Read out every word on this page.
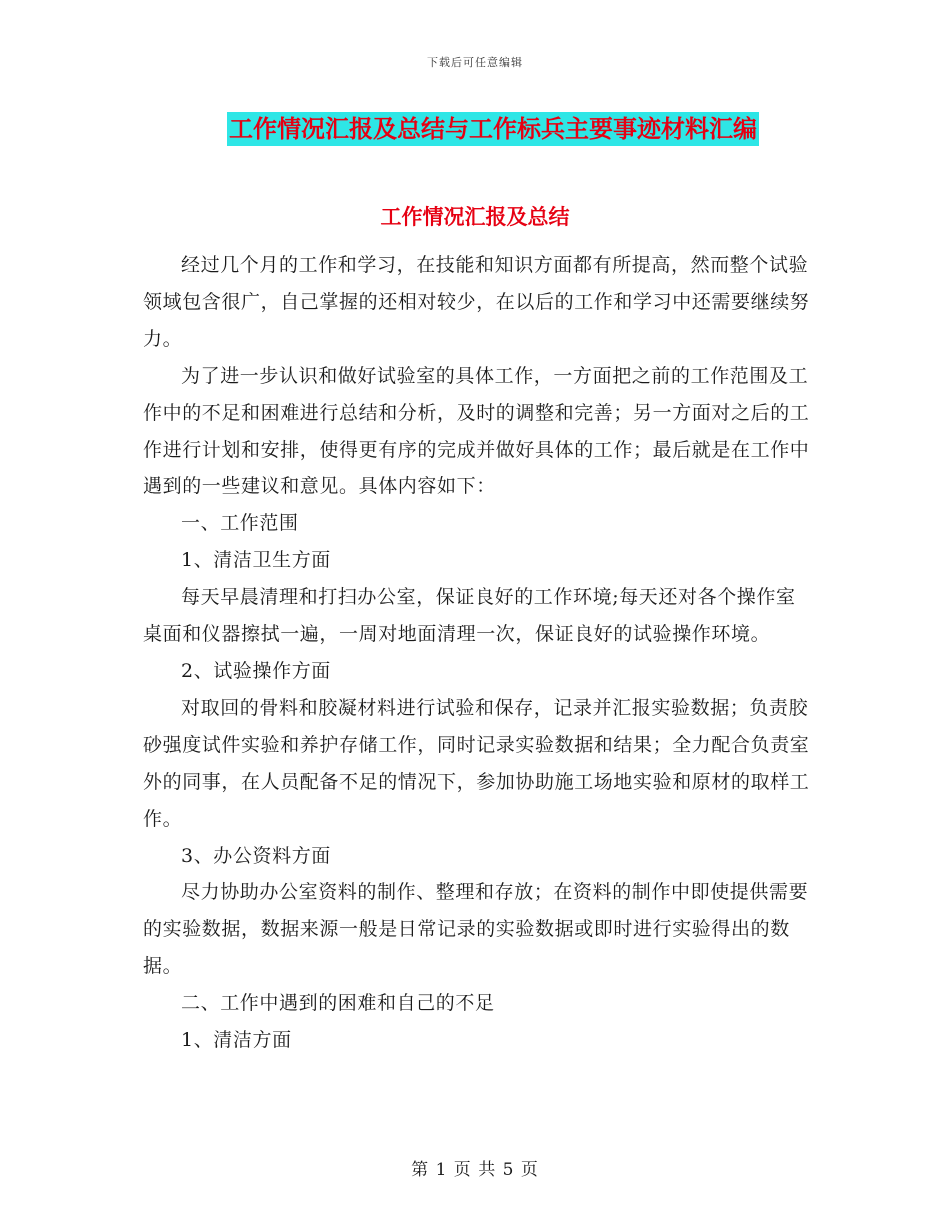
下载后可任意编辑
工作情况汇报及总结与工作标兵主要事迹材料汇编
工作情况汇报及总结

经过几个月的工作和学习，在技能和知识方面都有所提高，然而整个试验领域包含很广，自己掌握的还相对较少，在以后的工作和学习中还需要继续努力。

为了进一步认识和做好试验室的具体工作，一方面把之前的工作范围及工作中的不足和困难进行总结和分析，及时的调整和完善；另一方面对之后的工作进行计划和安排，使得更有序的完成并做好具体的工作；最后就是在工作中遇到的一些建议和意见。具体内容如下：

一、工作范围

1、清洁卫生方面

每天早晨清理和打扫办公室，保证良好的工作环境;每天还对各个操作室桌面和仪器擦拭一遍，一周对地面清理一次，保证良好的试验操作环境。

2、试验操作方面

对取回的骨料和胶凝材料进行试验和保存，记录并汇报实验数据；负责胶砂强度试件实验和养护存储工作，同时记录实验数据和结果；全力配合负责室外的同事，在人员配备不足的情况下，参加协助施工场地实验和原材的取样工作。

3、办公资料方面

尽力协助办公室资料的制作、整理和存放；在资料的制作中即使提供需要的实验数据，数据来源一般是日常记录的实验数据或即时进行实验得出的数据。

二、工作中遇到的困难和自己的不足

1、清洁方面

第 1 页 共 5 页
